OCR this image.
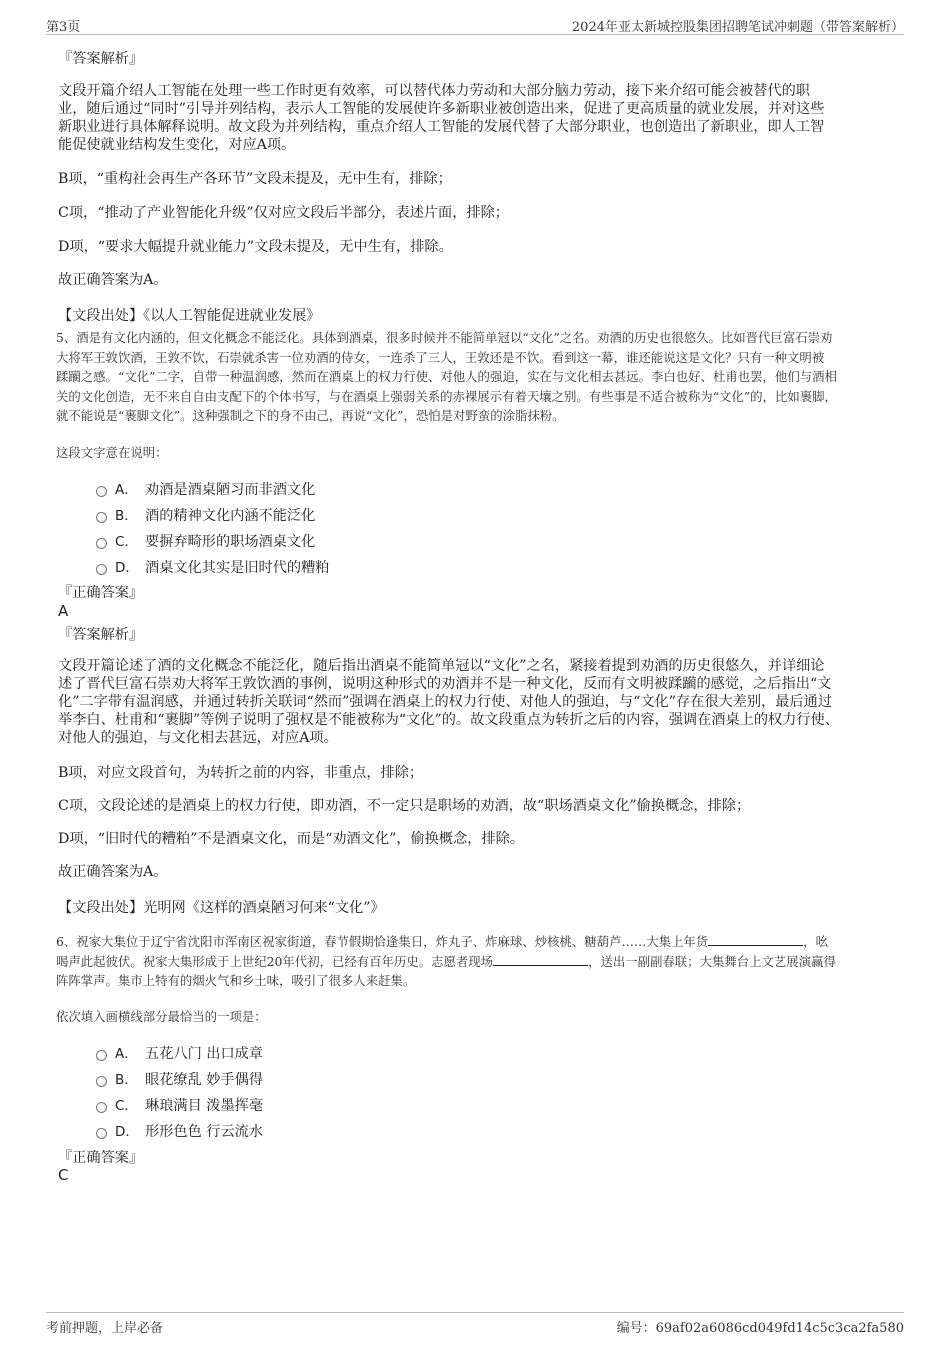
第3页	2024年亚太新城控股集团招聘笔试冲刺题（带答案解析）
『答案解析』
文段开篇介绍人工智能在处理一些工作时更有效率，可以替代体力劳动和大部分脑力劳动，接下来介绍可能会被替代的职
业，随后通过“同时”引导并列结构，表示人工智能的发展使许多新职业被创造出来，促进了更高质量的就业发展，并对这些
新职业进行具体解释说明。故文段为并列结构，重点介绍人工智能的发展代替了大部分职业，也创造出了新职业，即人工智
能促使就业结构发生变化，对应A项。
B项，“重构社会再生产各环节”文段未提及，无中生有，排除；
C项，“推动了产业智能化升级”仅对应文段后半部分，表述片面，排除；
D项，“要求大幅提升就业能力”文段未提及，无中生有，排除。
故正确答案为A。
【文段出处】《以人工智能促进就业发展》
5、酒是有文化内涵的，但文化概念不能泛化。具体到酒桌，很多时候并不能简单冠以“文化”之名。劝酒的历史也很悠久。比如晋代巨富石崇劝
大将军王敦饮酒，王敦不饮，石崇就杀害一位劝酒的侍女，一连杀了三人，王敦还是不饮。看到这一幕，谁还能说这是文化？只有一种文明被
蹂躏之感。“文化”二字，自带一种温润感，然而在酒桌上的权力行使、对他人的强迫，实在与文化相去甚远。李白也好、杜甫也罢，他们与酒相
关的文化创造，无不来自自由支配下的个体书写，与在酒桌上强弱关系的赤裸展示有着天壤之别。有些事是不适合被称为“文化”的，比如裹脚，
就不能说是“裹脚文化”。这种强制之下的身不由己，再说“文化”，恐怕是对野蛮的涂脂抹粉。
这段文字意在说明：
A． 劝酒是酒桌陋习而非酒文化
B． 酒的精神文化内涵不能泛化
C． 要摒弃畸形的职场酒桌文化
D． 酒桌文化其实是旧时代的糟粕
『正确答案』
A
『答案解析』
文段开篇论述了酒的文化概念不能泛化，随后指出酒桌不能简单冠以“文化”之名，紧接着提到劝酒的历史很悠久，并详细论
述了晋代巨富石崇劝大将军王敦饮酒的事例，说明这种形式的劝酒并不是一种文化，反而有文明被蹂躏的感觉，之后指出“文
化”二字带有温润感，并通过转折关联词“然而”强调在酒桌上的权力行使、对他人的强迫，与“文化”存在很大差别，最后通过
举李白、杜甫和“裹脚”等例子说明了强权是不能被称为“文化”的。故文段重点为转折之后的内容，强调在酒桌上的权力行使、
对他人的强迫，与文化相去甚远，对应A项。
B项，对应文段首句，为转折之前的内容，非重点，排除；
C项，文段论述的是酒桌上的权力行使，即劝酒，不一定只是职场的劝酒，故“职场酒桌文化”偷换概念，排除；
D项，“旧时代的糟粕”不是酒桌文化，而是“劝酒文化”，偷换概念，排除。
故正确答案为A。
【文段出处】光明网《这样的酒桌陋习何来“文化”》
6、祝家大集位于辽宁省沈阳市浑南区祝家街道，春节假期恰逢集日，炸丸子、炸麻球、炒核桃、糖葫芦……大集上年货	，吆
喝声此起彼伏。祝家大集形成于上世纪20年代初，已经有百年历史。志愿者现场	，送出一副副春联；大集舞台上文艺展演赢得
阵阵掌声。集市上特有的烟火气和乡土味，吸引了很多人来赶集。
依次填入画横线部分最恰当的一项是：
A． 五花八门 出口成章
B． 眼花缭乱 妙手偶得
C． 琳琅满目 泼墨挥毫
D． 形形色色 行云流水
『正确答案』
C
考前押题，上岸必备	编号：69af02a6086cd049fd14c5c3ca2fa580
